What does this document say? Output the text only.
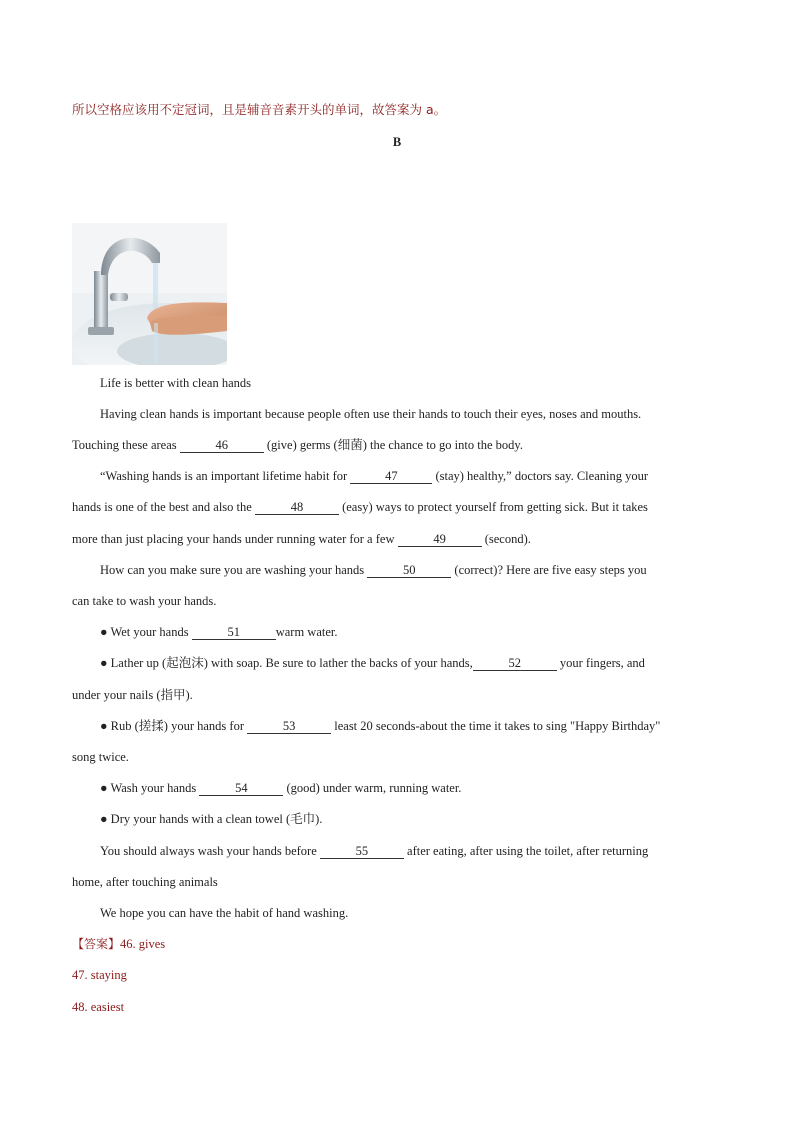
所以空格应该用不定冠词，且是辅音音素开头的单词，故答案为 a。
B
Life is better with clean hands
Having clean hands is important because people often use their hands to touch their eyes, noses and mouths.
Touching these areas	46	(give) germs (细菌) the chance to go into the body.
“Washing hands is an important lifetime habit for	47	(stay) healthy,” doctors say. Cleaning your
hands is one of the best and also the	48	(easy) ways to protect yourself from getting sick. But it takes
more than just placing your hands under running water for a few	49	(second).
How can you make sure you are washing your hands	50	(correct)? Here are five easy steps you
can take to wash your hands.
● Wet your hands	51	warm water.
● Lather up (起泡沫) with soap. Be sure to lather the backs of your hands,	52	your fingers, and
under your nails (指甲).
● Rub (搓揉) your hands for	53	least 20 seconds-about the time it takes to sing "Happy Birthday"
song twice.
● Wash your hands	54	(good) under warm, running water.
● Dry your hands with a clean towel (毛巾).
You should always wash your hands before	55	after eating, after using the toilet, after returning
home, after touching animals
We hope you can have the habit of hand washing.
【答案】46. gives
47. staying
48. easiest
